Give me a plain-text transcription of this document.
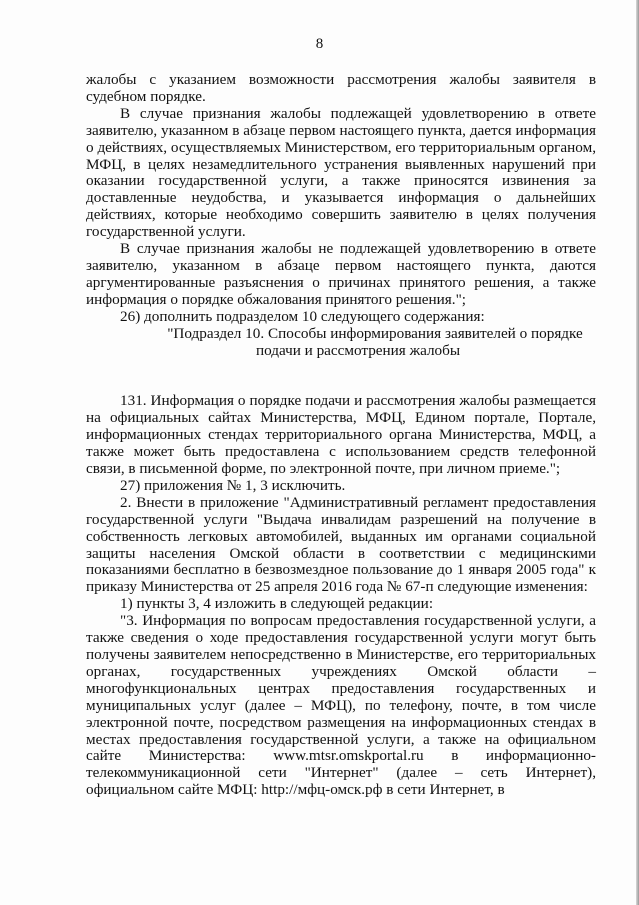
8

жалобы с указанием возможности рассмотрения жалобы заявителя в судебном порядке.

В случае признания жалобы подлежащей удовлетворению в ответе заявителю, указанном в абзаце первом настоящего пункта, дается информация о действиях, осуществляемых Министерством, его территориальным органом, МФЦ, в целях незамедлительного устранения выявленных нарушений при оказании государственной услуги, а также приносятся извинения за доставленные неудобства, и указывается информация о дальнейших действиях, которые необходимо совершить заявителю в целях получения государственной услуги.

В случае признания жалобы не подлежащей удовлетворению в ответе заявителю, указанном в абзаце первом настоящего пункта, даются аргументированные разъяснения о причинах принятого решения, а также информация о порядке обжалования принятого решения.";

26) дополнить подразделом 10 следующего содержания:

"Подраздел 10. Способы информирования заявителей о порядке подачи и рассмотрения жалобы

131. Информация о порядке подачи и рассмотрения жалобы размещается на официальных сайтах Министерства, МФЦ, Едином портале, Портале, информационных стендах территориального органа Министерства, МФЦ, а также может быть предоставлена с использованием средств телефонной связи, в письменной форме, по электронной почте, при личном приеме.";

27) приложения № 1, 3 исключить.

2. Внести в приложение "Административный регламент предоставления государственной услуги "Выдача инвалидам разрешений на получение в собственность легковых автомобилей, выданных им органами социальной защиты населения Омской области в соответствии с медицинскими показаниями бесплатно в безвозмездное пользование до 1 января 2005 года" к приказу Министерства от 25 апреля 2016 года № 67-п следующие изменения:

1) пункты 3, 4 изложить в следующей редакции:

"3. Информация по вопросам предоставления государственной услуги, а также сведения о ходе предоставления государственной услуги могут быть получены заявителем непосредственно в Министерстве, его территориальных органах, государственных учреждениях Омской области – многофункциональных центрах предоставления государственных и муниципальных услуг (далее – МФЦ), по телефону, почте, в том числе электронной почте, посредством размещения на информационных стендах в местах предоставления государственной услуги, а также на официальном сайте Министерства: www.mtsr.omskportal.ru в информационно-телекоммуникационной сети "Интернет" (далее – сеть Интернет), официальном сайте МФЦ: http://мфц-омск.рф в сети Интернет, в
